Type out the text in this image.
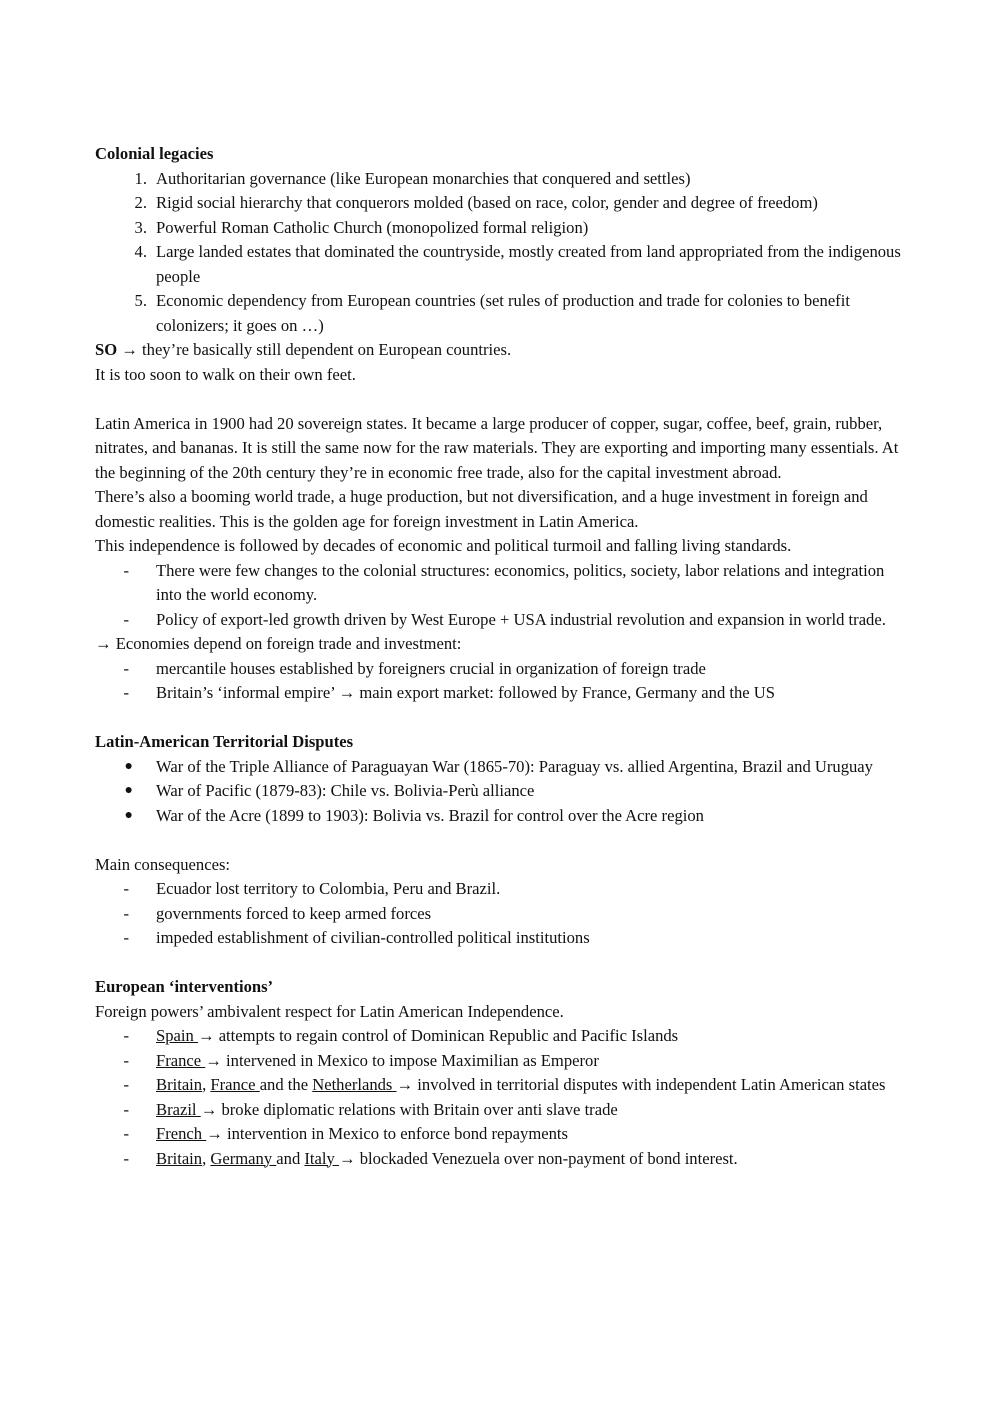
Colonial legacies

1. Authoritarian governance (like European monarchies that conquered and settles)
2. Rigid social hierarchy that conquerors molded (based on race, color, gender and degree of freedom)
3. Powerful Roman Catholic Church (monopolized formal religion)
4. Large landed estates that dominated the countryside, mostly created from land appropriated from the indigenous people
5. Economic dependency from European countries (set rules of production and trade for colonies to benefit colonizers; it goes on …)

SO → they’re basically still dependent on European countries.

It is too soon to walk on their own feet.

Latin America in 1900 had 20 sovereign states. It became a large producer of copper, sugar, coffee, beef, grain, rubber, nitrates, and bananas. It is still the same now for the raw materials. They are exporting and importing many essentials. At the beginning of the 20th century they’re in economic free trade, also for the capital investment abroad.

There’s also a booming world trade, a huge production, but not diversification, and a huge investment in foreign and domestic realities. This is the golden age for foreign investment in Latin America.

This independence is followed by decades of economic and political turmoil and falling living standards.

- There were few changes to the colonial structures: economics, politics, society, labor relations and integration into the world economy.
- Policy of export-led growth driven by West Europe + USA industrial revolution and expansion in world trade.

→ Economies depend on foreign trade and investment:

- mercantile houses established by foreigners crucial in organization of foreign trade
- Britain’s ‘informal empire’ → main export market: followed by France, Germany and the US

Latin-American Territorial Disputes

● War of the Triple Alliance of Paraguayan War (1865-70): Paraguay vs. allied Argentina, Brazil and Uruguay
● War of Pacific (1879-83): Chile vs. Bolivia-Perù alliance
● War of the Acre (1899 to 1903): Bolivia vs. Brazil for control over the Acre region

Main consequences:

- Ecuador lost territory to Colombia, Peru and Brazil.
- governments forced to keep armed forces
- impeded establishment of civilian-controlled political institutions

European ‘interventions’

Foreign powers’ ambivalent respect for Latin American Independence.

- Spain → attempts to regain control of Dominican Republic and Pacific Islands
- France → intervened in Mexico to impose Maximilian as Emperor
- Britain, France and the Netherlands → involved in territorial disputes with independent Latin American states
- Brazil → broke diplomatic relations with Britain over anti slave trade
- French → intervention in Mexico to enforce bond repayments
- Britain, Germany and Italy → blockaded Venezuela over non-payment of bond interest.
